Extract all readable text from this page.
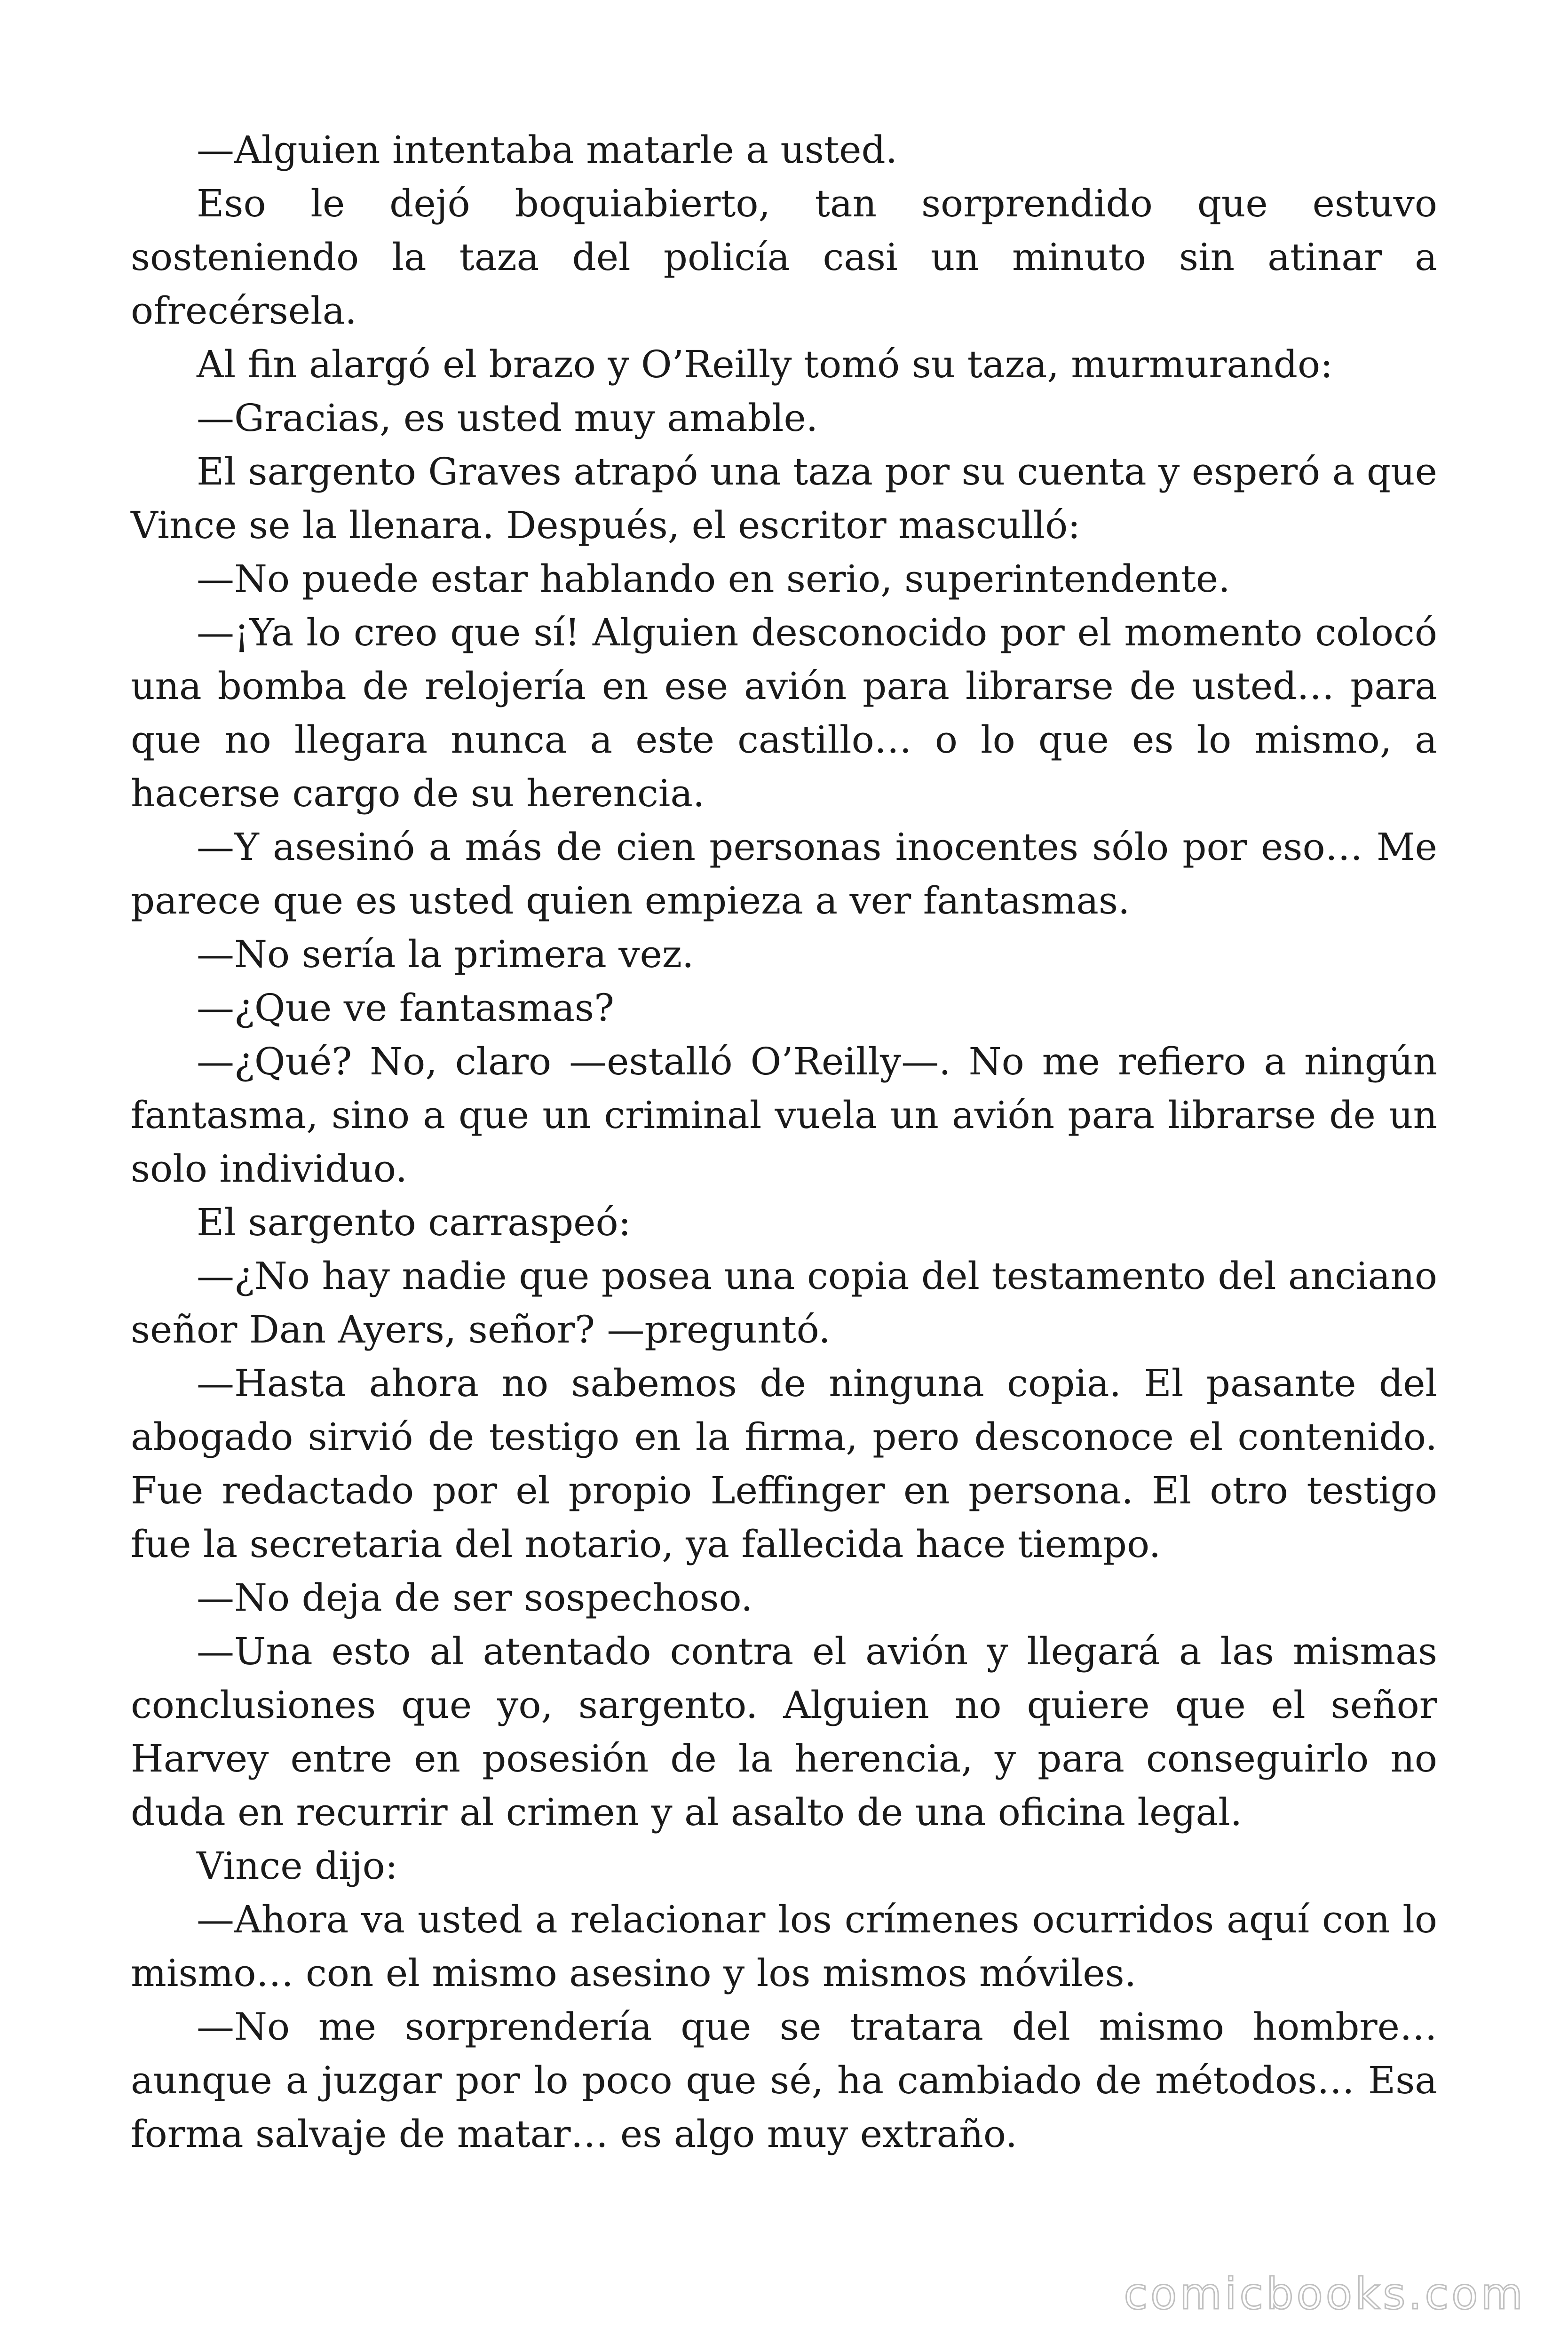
—Alguien intentaba matarle a usted.

Eso le dejó boquiabierto, tan sorprendido que estuvo sosteniendo la taza del policía casi un minuto sin atinar a ofrecérsela.

Al fin alargó el brazo y O’Reilly tomó su taza, murmurando:

—Gracias, es usted muy amable.

El sargento Graves atrapó una taza por su cuenta y esperó a que Vince se la llenara. Después, el escritor masculló:

—No puede estar hablando en serio, superintendente.

—¡Ya lo creo que sí! Alguien desconocido por el momento colocó una bomba de relojería en ese avión para librarse de usted… para que no llegara nunca a este castillo… o lo que es lo mismo, a hacerse cargo de su herencia.

—Y asesinó a más de cien personas inocentes sólo por eso… Me parece que es usted quien empieza a ver fantasmas.

—No sería la primera vez.

—¿Que ve fantasmas?

—¿Qué? No, claro —estalló O’Reilly—. No me refiero a ningún fantasma, sino a que un criminal vuela un avión para librarse de un solo individuo.

El sargento carraspeó:

—¿No hay nadie que posea una copia del testamento del anciano señor Dan Ayers, señor? —preguntó.

—Hasta ahora no sabemos de ninguna copia. El pasante del abogado sirvió de testigo en la firma, pero desconoce el contenido. Fue redactado por el propio Leffinger en persona. El otro testigo fue la secretaria del notario, ya fallecida hace tiempo.

—No deja de ser sospechoso.

—Una esto al atentado contra el avión y llegará a las mismas conclusiones que yo, sargento. Alguien no quiere que el señor Harvey entre en posesión de la herencia, y para conseguirlo no duda en recurrir al crimen y al asalto de una oficina legal.

Vince dijo:

—Ahora va usted a relacionar los crímenes ocurridos aquí con lo mismo… con el mismo asesino y los mismos móviles.

—No me sorprendería que se tratara del mismo hombre… aunque a juzgar por lo poco que sé, ha cambiado de métodos… Esa forma salvaje de matar… es algo muy extraño.

comicbooks.com
